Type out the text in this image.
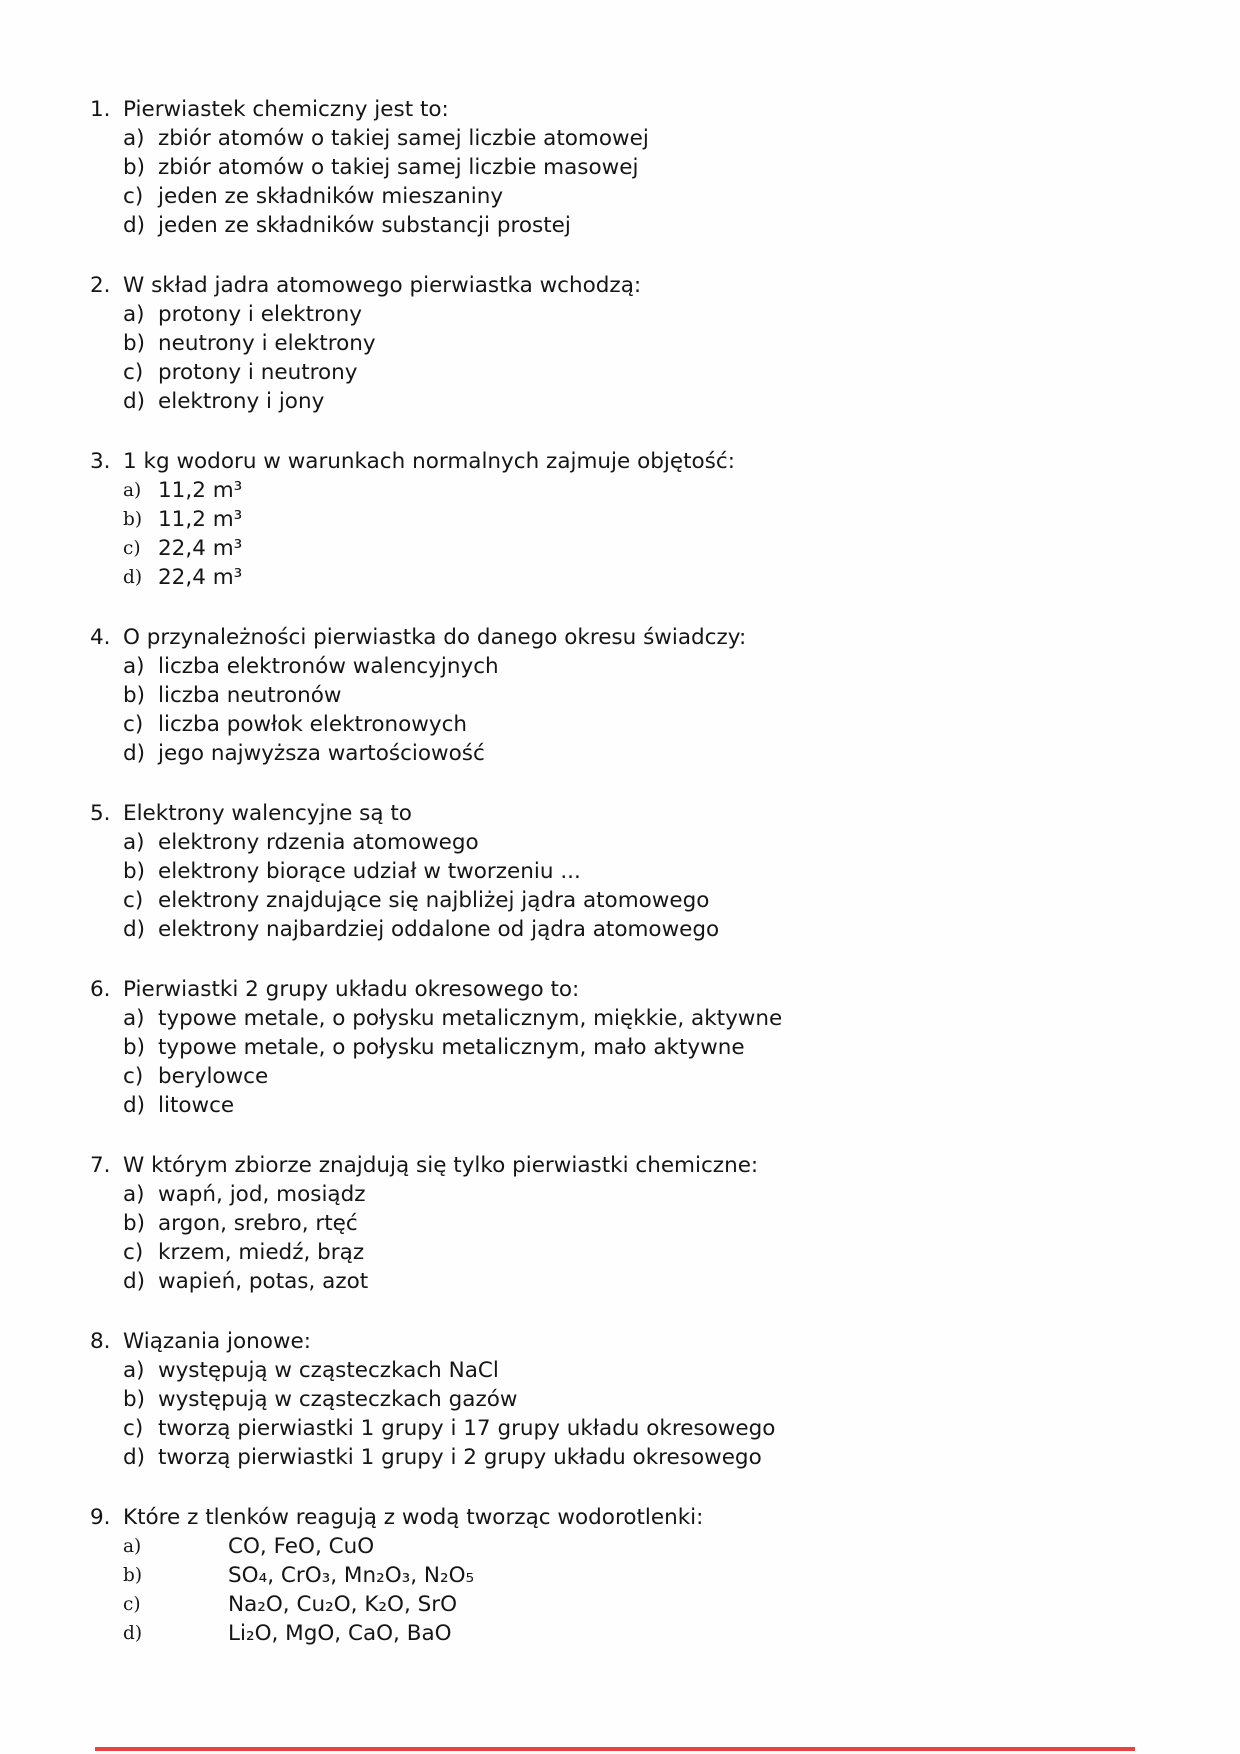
1. Pierwiastek chemiczny jest to:
a) zbiór atomów o takiej samej liczbie atomowej
b) zbiór atomów o takiej samej liczbie masowej
c) jeden ze składników mieszaniny
d) jeden ze składników substancji prostej
2. W skład jadra atomowego pierwiastka wchodzą:
a) protony i elektrony
b) neutrony i elektrony
c) protony i neutrony
d) elektrony i jony
3. 1 kg wodoru w warunkach normalnych zajmuje objętość:
a) 11,2 m³
b) 11,2 m³
c) 22,4 m³
d) 22,4 m³
4. O przynależności pierwiastka do danego okresu świadczy:
a) liczba elektronów walencyjnych
b) liczba neutronów
c) liczba powłok elektronowych
d) jego najwyższa wartościowość
5. Elektrony walencyjne są to
a) elektrony rdzenia atomowego
b) elektrony biorące udział w tworzeniu ...
c) elektrony znajdujące się najbliżej jądra atomowego
d) elektrony najbardziej oddalone od jądra atomowego
6. Pierwiastki 2 grupy układu okresowego to:
a) typowe metale, o połysku metalicznym, miękkie, aktywne
b) typowe metale, o połysku metalicznym, mało aktywne
c) berylowce
d) litowce
7. W którym zbiorze znajdują się tylko pierwiastki chemiczne:
a) wapń, jod, mosiądz
b) argon, srebro, rtęć
c) krzem, miedź, brąz
d) wapień, potas, azot
8. Wiązania jonowe:
a) występują w cząsteczkach NaCl
b) występują w cząsteczkach gazów
c) tworzą pierwiastki 1 grupy i 17 grupy układu okresowego
d) tworzą pierwiastki 1 grupy i 2 grupy układu okresowego
9. Które z tlenków reagują z wodą tworząc wodorotlenki:
a)	CO, FeO, CuO
b)	SO₄, CrO₃, Mn₂O₃, N₂O₅
c)	Na₂O, Cu₂O, K₂O, SrO
d)	Li₂O, MgO, CaO, BaO
